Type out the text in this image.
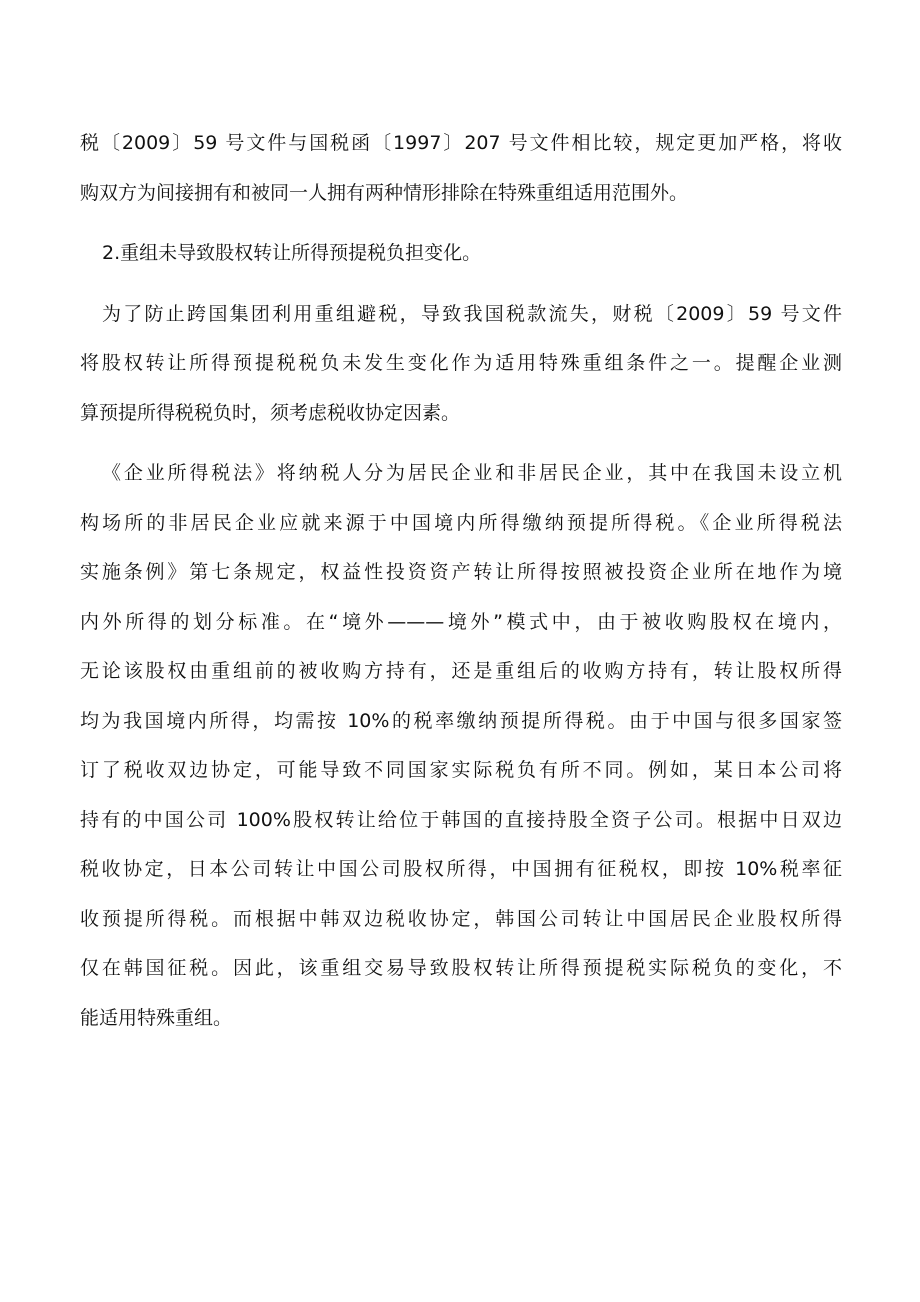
税〔2009〕59 号文件与国税函〔1997〕207 号文件相比较，规定更加严格，将收
购双方为间接拥有和被同一人拥有两种情形排除在特殊重组适用范围外。
2.重组未导致股权转让所得预提税负担变化。
为了防止跨国集团利用重组避税，导致我国税款流失，财税〔2009〕59 号文件
将股权转让所得预提税税负未发生变化作为适用特殊重组条件之一。提醒企业测
算预提所得税税负时，须考虑税收协定因素。
《企业所得税法》将纳税人分为居民企业和非居民企业，其中在我国未设立机
构场所的非居民企业应就来源于中国境内所得缴纳预提所得税。《企业所得税法
实施条例》第七条规定，权益性投资资产转让所得按照被投资企业所在地作为境
内外所得的划分标准。在“境外———境外”模式中，由于被收购股权在境内，
无论该股权由重组前的被收购方持有，还是重组后的收购方持有，转让股权所得
均为我国境内所得，均需按 10%的税率缴纳预提所得税。由于中国与很多国家签
订了税收双边协定，可能导致不同国家实际税负有所不同。例如，某日本公司将
持有的中国公司 100%股权转让给位于韩国的直接持股全资子公司。根据中日双边
税收协定，日本公司转让中国公司股权所得，中国拥有征税权，即按 10%税率征
收预提所得税。而根据中韩双边税收协定，韩国公司转让中国居民企业股权所得
仅在韩国征税。因此，该重组交易导致股权转让所得预提税实际税负的变化，不
能适用特殊重组。
